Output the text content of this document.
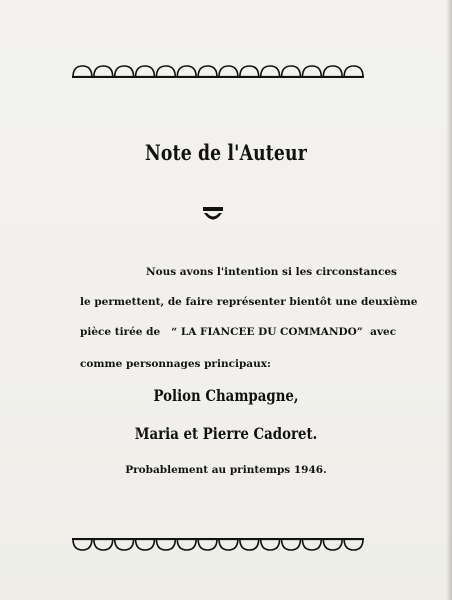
Note de l'Auteur
Nous avons l'intention si les circonstances
le permettent, de faire représenter bientôt une deuxième
pièce tirée de “ LA FIANCEE DU COMMANDO” avec
comme personnages principaux:
Polion Champagne,
Maria et Pierre Cadoret.
Probablement au printemps 1946.
